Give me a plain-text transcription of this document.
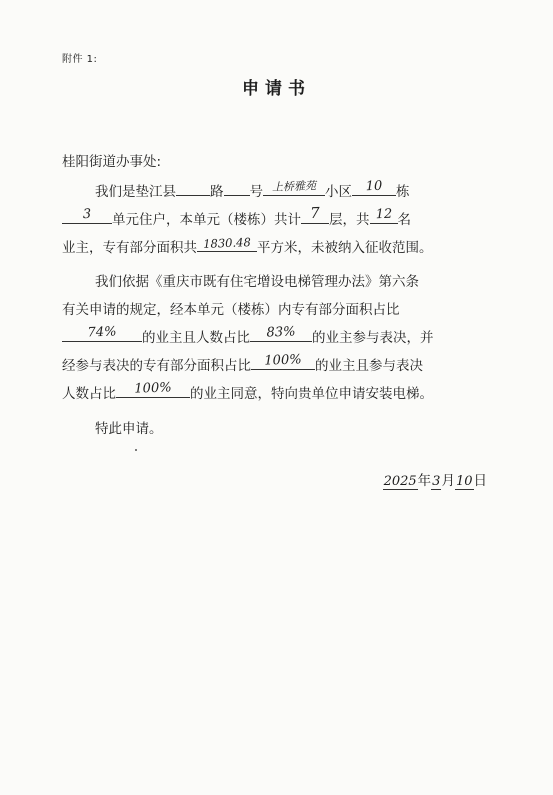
附件 1:
申请书
桂阳街道办事处:
我们是垫江县	路 号 上桥雅苑 小区	10 栋
3	单元住户，本单元（楼栋）共计 7 层，共 12 名
业主，专有部分面积共 1830.48 平方米，未被纳入征收范围。
我们依据《重庆市既有住宅增设电梯管理办法》第六条
有关申请的规定，经本单元（楼栋）内专有部分面积占比
74%	的业主且人数占比	83%	的业主参与表决，并
经参与表决的专有部分面积占比	100% 的业主且参与表决
人数占比	100%	的业主同意，特向贵单位申请安装电梯。
特此申请。
2025年3月10日
